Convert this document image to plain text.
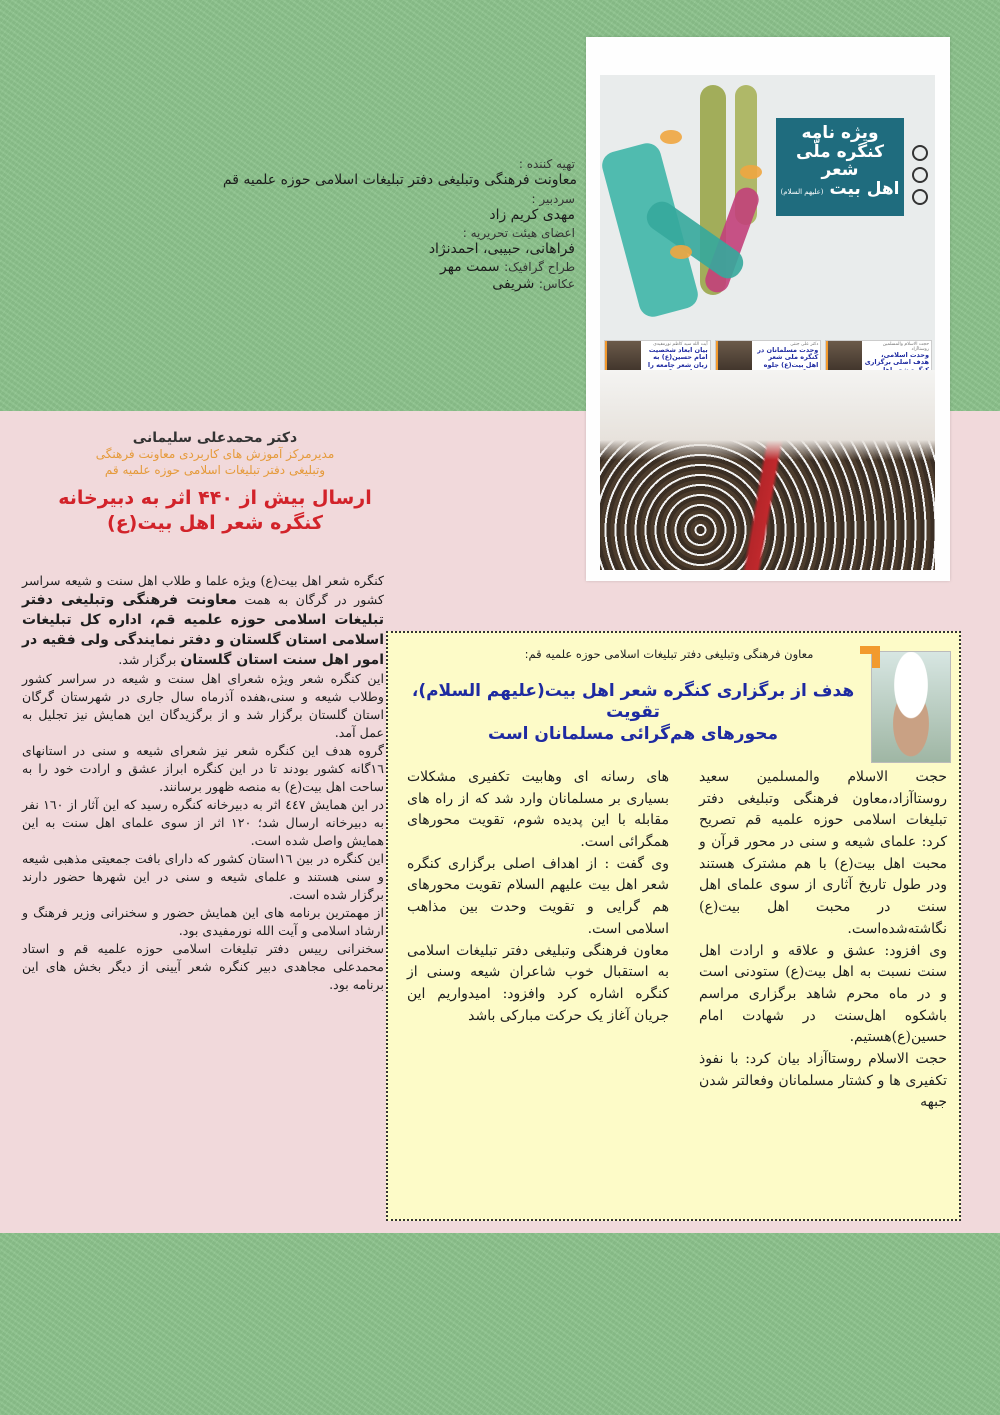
تهیه کننده :
معاونت فرهنگی وتبلیغی دفتر تبلیغات اسلامی حوزه علمیه قم
سردبیر :
مهدی کریم زاد
اعضای هیئت تحریریه :
فراهانی، حبیبی، احمدنژاد
طراح گرافیک: سمت مهر
عکاس: شریفی
ویژه نامه
کنگره ملّی
شعر
اهل بیت (علیهم السلام)
حجت الاسلام والمسلمین روستاآزاد
وحدت اسلامی، هدف اصلی برگزاری
دکتر علی جنتی
وحدت مسلمانان در کنگره ملی شعر اهل بیت(ع) جلوه
آیت الله سید کاظم نورمفیدی
بیان ابعاد شخصیت امام حسین(ع) به زبان شعر جامعه را
دکتر محمدعلی سلیمانی
مدیرمرکز آموزش های کاربردی معاونت فرهنگی
وتبلیغی دفتر تبلیغات اسلامی حوزه علمیه قم
ارسال بیش از ۴۴۰ اثر به دبیرخانه
کنگره شعر اهل بیت(ع)

کنگره شعر اهل بیت(ع) ویژه علما و طلاب اهل سنت و شیعه سراسر کشور در گرگان به همت معاونت فرهنگی وتبلیغی دفتر تبلیغات اسلامی حوزه علمیه قم، اداره کل تبلیغات اسلامی استان گلستان و دفتر نمایندگی ولی فقیه در امور اهل سنت استان گلستان برگزار شد.

این کنگره شعر ویژه شعرای اهل سنت و شیعه در سراسر کشور وطلاب شیعه و سنی،هفده آذرماه سال جاری در شهرستان گرگان استان گلستان برگزار شد و از برگزیدگان این همایش نیز تجلیل به عمل آمد.

گروه هدف این کنگره شعر نیز شعرای شیعه و سنی در استانهای ١٦گانه کشور بودند تا در این کنگره ابراز عشق و ارادت خود را به ساحت اهل بیت(ع) به منصه ظهور برسانند.

در این همایش ٤٤٧ اثر به دبیرخانه کنگره رسید که این آثار از ١٦٠ نفر به دبیرخانه ارسال شد؛ ١٢٠ اثر از سوی علمای اهل سنت به این همایش واصل شده است.

این کنگره در بین ١٦استان کشور که دارای بافت جمعیتی مذهبی شیعه و سنی هستند و علمای شیعه و سنی در این شهرها حضور دارند برگزار شده است.

از مهمترین برنامه های این همایش حضور و سخنرانی وزیر فرهنگ و ارشاد اسلامی و آیت الله نورمفیدی بود.

سخنرانی رییس دفتر تبلیغات اسلامی حوزه علمیه قم و استاد محمدعلی مجاهدی دبیر کنگره شعر آیینی از دیگر بخش های این برنامه بود.

معاون فرهنگی وتبلیغی دفتر تبلیغات اسلامی حوزه علمیه قم:
هدف از برگزاری کنگره شعر اهل بیت(علیهم السلام)، تقویت
محورهای هم‌گرائی مسلمانان است

حجت الاسلام والمسلمین سعید روستاآزاد،معاون فرهنگی وتبلیغی دفتر تبلیغات اسلامی حوزه علمیه قم تصریح کرد: علمای شیعه و سنی در محور قرآن و محبت اهل بیت(ع) با هم مشترک هستند ودر طول تاریخ آثاری از سوی علمای اهل سنت در محبت اهل بیت(ع) نگاشته‌شده‌است.

وی افزود: عشق و علاقه و ارادت اهل سنت نسبت به اهل بیت(ع) ستودنی است و در ماه محرم شاهد برگزاری مراسم باشکوه اهل‌سنت در شهادت امام حسین(ع)هستیم.

حجت الاسلام روستاآزاد بیان کرد: با نفوذ تکفیری ها و کشتار مسلمانان وفعالتر شدن جبهه

های رسانه ای وهابیت تکفیری مشکلات بسیاری بر مسلمانان وارد شد که از راه های مقابله با این پدیده شوم، تقویت محورهای همگرائی است.

وی گفت : از اهداف اصلی برگزاری کنگره شعر اهل بیت علیهم السلام تقویت محورهای هم گرایی و تقویت وحدت بین مذاهب اسلامی است.

معاون فرهنگی وتبلیغی دفتر تبلیغات اسلامی به استقبال خوب شاعران شیعه وسنی از کنگره اشاره کرد وافزود: امیدواریم این جریان آغاز یک حرکت مبارکی باشد
